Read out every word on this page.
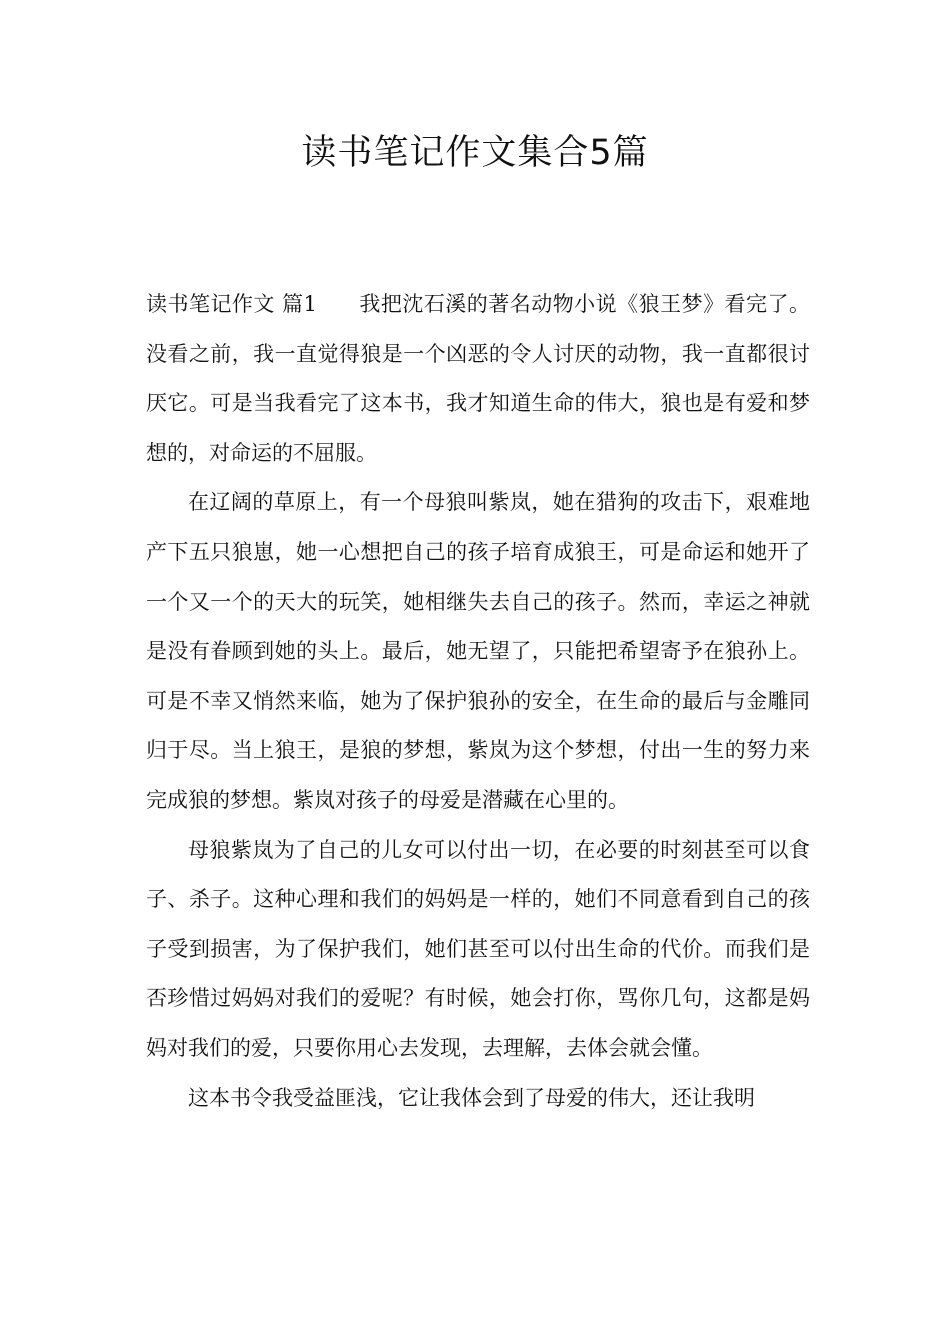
读书笔记作文集合5篇

读书笔记作文 篇1 我把沈石溪的著名动物小说《狼王梦》看完了。没看之前，我一直觉得狼是一个凶恶的令人讨厌的动物，我一直都很讨厌它。可是当我看完了这本书，我才知道生命的伟大，狼也是有爱和梦想的，对命运的不屈服。

在辽阔的草原上，有一个母狼叫紫岚，她在猎狗的攻击下，艰难地产下五只狼崽，她一心想把自己的孩子培育成狼王，可是命运和她开了一个又一个的天大的玩笑，她相继失去自己的孩子。然而，幸运之神就是没有眷顾到她的头上。最后，她无望了，只能把希望寄予在狼孙上。可是不幸又悄然来临，她为了保护狼孙的安全，在生命的最后与金雕同归于尽。当上狼王，是狼的梦想，紫岚为这个梦想，付出一生的努力来完成狼的梦想。紫岚对孩子的母爱是潜藏在心里的。

母狼紫岚为了自己的儿女可以付出一切，在必要的时刻甚至可以食子、杀子。这种心理和我们的妈妈是一样的，她们不同意看到自己的孩子受到损害，为了保护我们，她们甚至可以付出生命的代价。而我们是否珍惜过妈妈对我们的爱呢？有时候，她会打你，骂你几句，这都是妈妈对我们的爱，只要你用心去发现，去理解，去体会就会懂。

这本书令我受益匪浅，它让我体会到了母爱的伟大，还让我明
